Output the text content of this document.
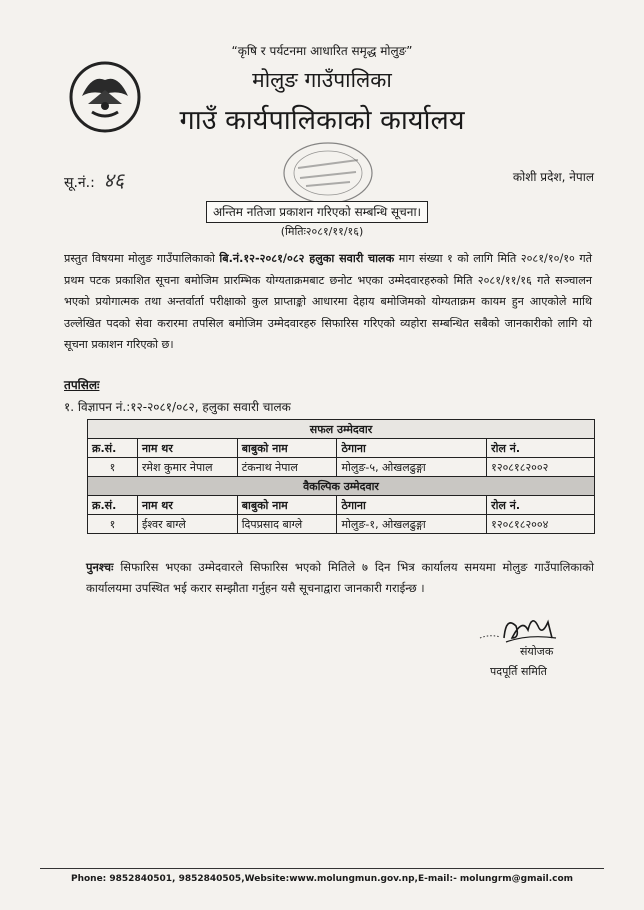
“कृषि र पर्यटनमा आधारित समृद्ध मोलुङ”
मोलुङ गाउँपालिका
गाउँ कार्यपालिकाको कार्यालय
सू.नं.: ४६	कोशी प्रदेश, नेपाल
अन्तिम नतिजा प्रकाशन गरिएको सम्बन्धि सूचना।
(मितिः२०८१/११/१६)
प्रस्तुत विषयमा मोलुङ गाउँपालिकाको बि.नं.१२-२०८१/०८२ हलुका सवारी चालक माग संख्या १ को लागि मिति २०८१/१०/१० गते प्रथम पटक प्रकाशित सूचना बमोजिम प्रारम्भिक योग्यताक्रमबाट छनोट भएका उम्मेदवारहरुको मिति २०८१/११/१६ गते सञ्चालन भएको प्रयोगात्मक तथा अन्तर्वार्ता परीक्षाको कुल प्राप्ताङ्को आधारमा देहाय बमोजिमको योग्यताक्रम कायम हुन आएकोले माथि उल्लेखित पदको सेवा करारमा तपसिल बमोजिम उम्मेदवारहरु सिफारिस गरिएको व्यहोरा सम्बन्धित सबैको जानकारीको लागि यो सूचना प्रकाशन गरिएको छ।
तपसिलः
१. विज्ञापन नं.:१२-२०८१/०८२, हलुका सवारी चालक
सफल उम्मेदवार				
क्र.सं.	नाम थर	बाबुको नाम	ठेगाना	रोल नं.
१	रमेश कुमार नेपाल	टंकनाथ नेपाल	मोलुङ-५, ओखलढुङ्गा	१२०८१८२००२
वैकल्पिक उम्मेदवार				
क्र.सं.	नाम थर	बाबुको नाम	ठेगाना	रोल नं.
१	ईश्वर बाग्ले	दिपप्रसाद बाग्ले	मोलुङ-१, ओखलढुङ्गा	१२०८१८२००४
पुनश्चः सिफारिस भएका उम्मेदवारले सिफारिस भएको मितिले ७ दिन भित्र कार्यालय समयमा मोलुङ गाउँपालिकाको कार्यालयमा उपस्थित भई करार सम्झौता गर्नुहन यसै सूचनाद्वारा जानकारी गराईन्छ ।
संयोजक
पदपूर्ति समिति
Phone: 9852840501, 9852840505,Website:www.molungmun.gov.np,E-mail:- molungrm@gmail.com
